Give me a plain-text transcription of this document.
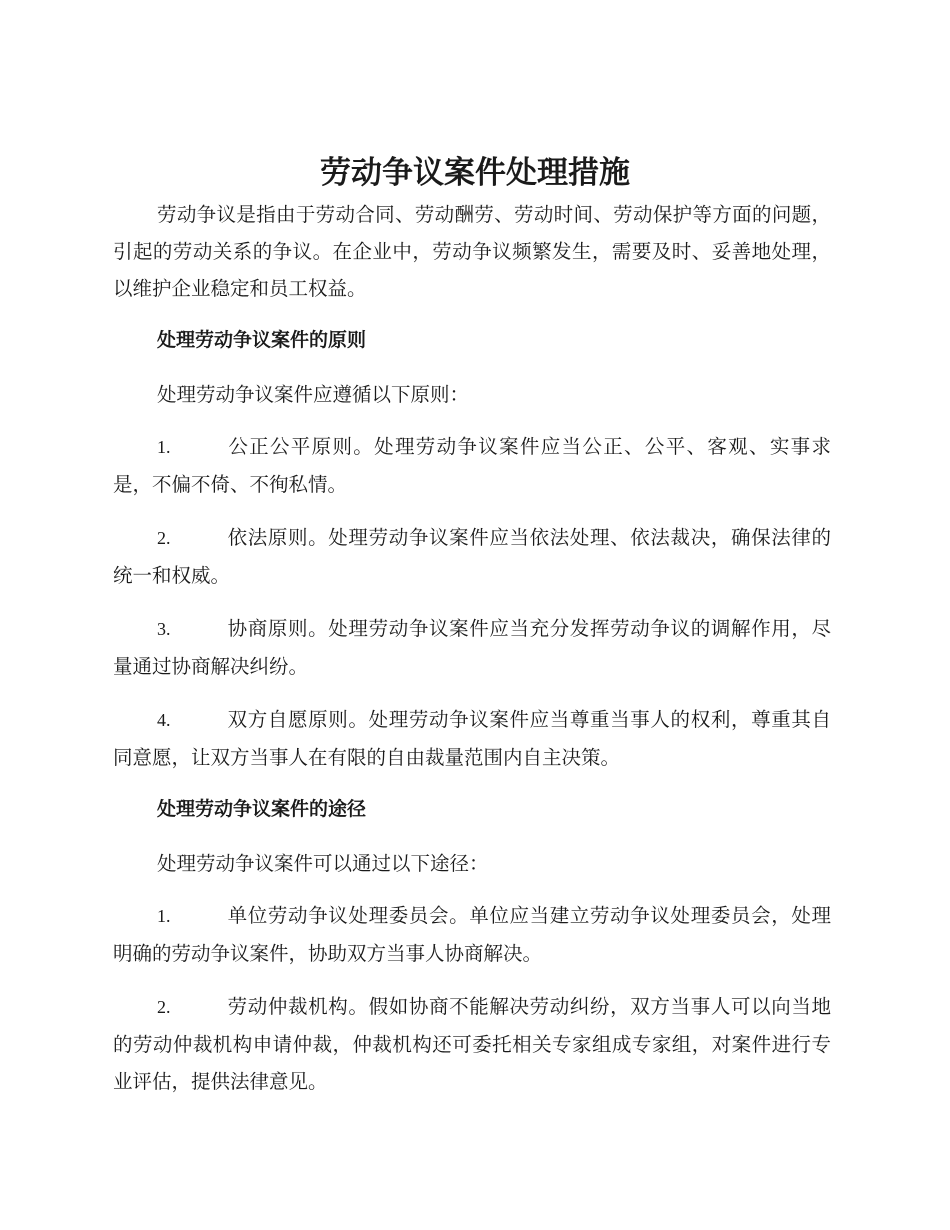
劳动争议案件处理措施

劳动争议是指由于劳动合同、劳动酬劳、劳动时间、劳动保护等方面的问题，引起的劳动关系的争议。在企业中，劳动争议频繁发生，需要及时、妥善地处理，以维护企业稳定和员工权益。

处理劳动争议案件的原则

处理劳动争议案件应遵循以下原则：

1.	公正公平原则。处理劳动争议案件应当公正、公平、客观、实事求是，不偏不倚、不徇私情。

2.	依法原则。处理劳动争议案件应当依法处理、依法裁决，确保法律的统一和权威。

3.	协商原则。处理劳动争议案件应当充分发挥劳动争议的调解作用，尽量通过协商解决纠纷。

4.	双方自愿原则。处理劳动争议案件应当尊重当事人的权利，尊重其自同意愿，让双方当事人在有限的自由裁量范围内自主决策。

处理劳动争议案件的途径

处理劳动争议案件可以通过以下途径：

1.	单位劳动争议处理委员会。单位应当建立劳动争议处理委员会，处理明确的劳动争议案件，协助双方当事人协商解决。

2.	劳动仲裁机构。假如协商不能解决劳动纠纷，双方当事人可以向当地的劳动仲裁机构申请仲裁，仲裁机构还可委托相关专家组成专家组，对案件进行专业评估，提供法律意见。
